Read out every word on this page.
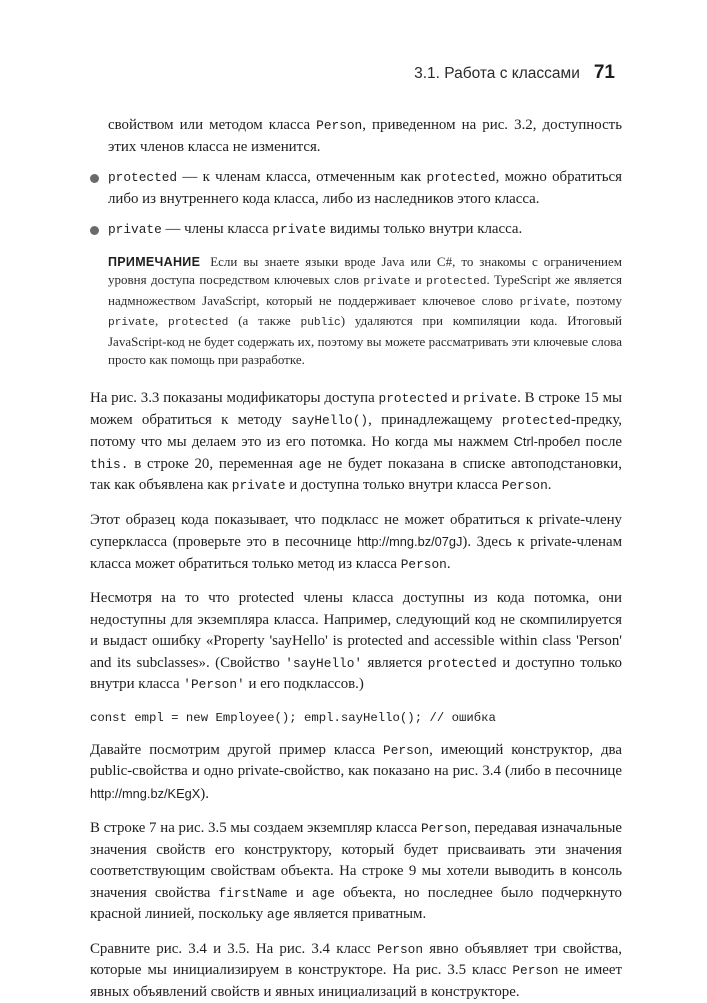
3.1. Работа с классами 71

свойством или методом класса Person, приведенном на рис. 3.2, доступность этих членов класса не изменится.

protected — к членам класса, отмеченным как protected, можно обратиться либо из внутреннего кода класса, либо из наследников этого класса.

private — члены класса private видимы только внутри класса.

ПРИМЕЧАНИЕ Если вы знаете языки вроде Java или C#, то знакомы с ограничением уровня доступа посредством ключевых слов private и protected. TypeScript же является надмножеством JavaScript, который не поддерживает ключевое слово private, поэтому private, protected (а также public) удаляются при компиляции кода. Итоговый JavaScript-код не будет содержать их, поэтому вы можете рассматривать эти ключевые слова просто как помощь при разработке.

На рис. 3.3 показаны модификаторы доступа protected и private. В строке 15 мы можем обратиться к методу sayHello(), принадлежащему protected-предку, потому что мы делаем это из его потомка. Но когда мы нажмем Ctrl-пробел после this. в строке 20, переменная age не будет показана в списке автоподстановки, так как объявлена как private и доступна только внутри класса Person.

Этот образец кода показывает, что подкласс не может обратиться к private-члену суперкласса (проверьте это в песочнице http://mng.bz/07gJ). Здесь к private-членам класса может обратиться только метод из класса Person.

Несмотря на то что protected члены класса доступны из кода потомка, они недоступны для экземпляра класса. Например, следующий код не скомпилируется и выдаст ошибку «Property 'sayHello' is protected and accessible within class 'Person' and its subclasses». (Свойство 'sayHello' является protected и доступно только внутри класса 'Person' и его подклассов.)

const empl = new Employee(); empl.sayHello(); // ошибка

Давайте посмотрим другой пример класса Person, имеющий конструктор, два public-свойства и одно private-свойство, как показано на рис. 3.4 (либо в песочнице http://mng.bz/KEgX).

В строке 7 на рис. 3.5 мы создаем экземпляр класса Person, передавая изначальные значения свойств его конструктору, который будет присваивать эти значения соответствующим свойствам объекта. На строке 9 мы хотели выводить в консоль значения свойства firstName и age объекта, но последнее было подчеркнуто красной линией, поскольку age является приватным.

Сравните рис. 3.4 и 3.5. На рис. 3.4 класс Person явно объявляет три свойства, которые мы инициализируем в конструкторе. На рис. 3.5 класс Person не имеет явных объявлений свойств и явных инициализаций в конструкторе.
